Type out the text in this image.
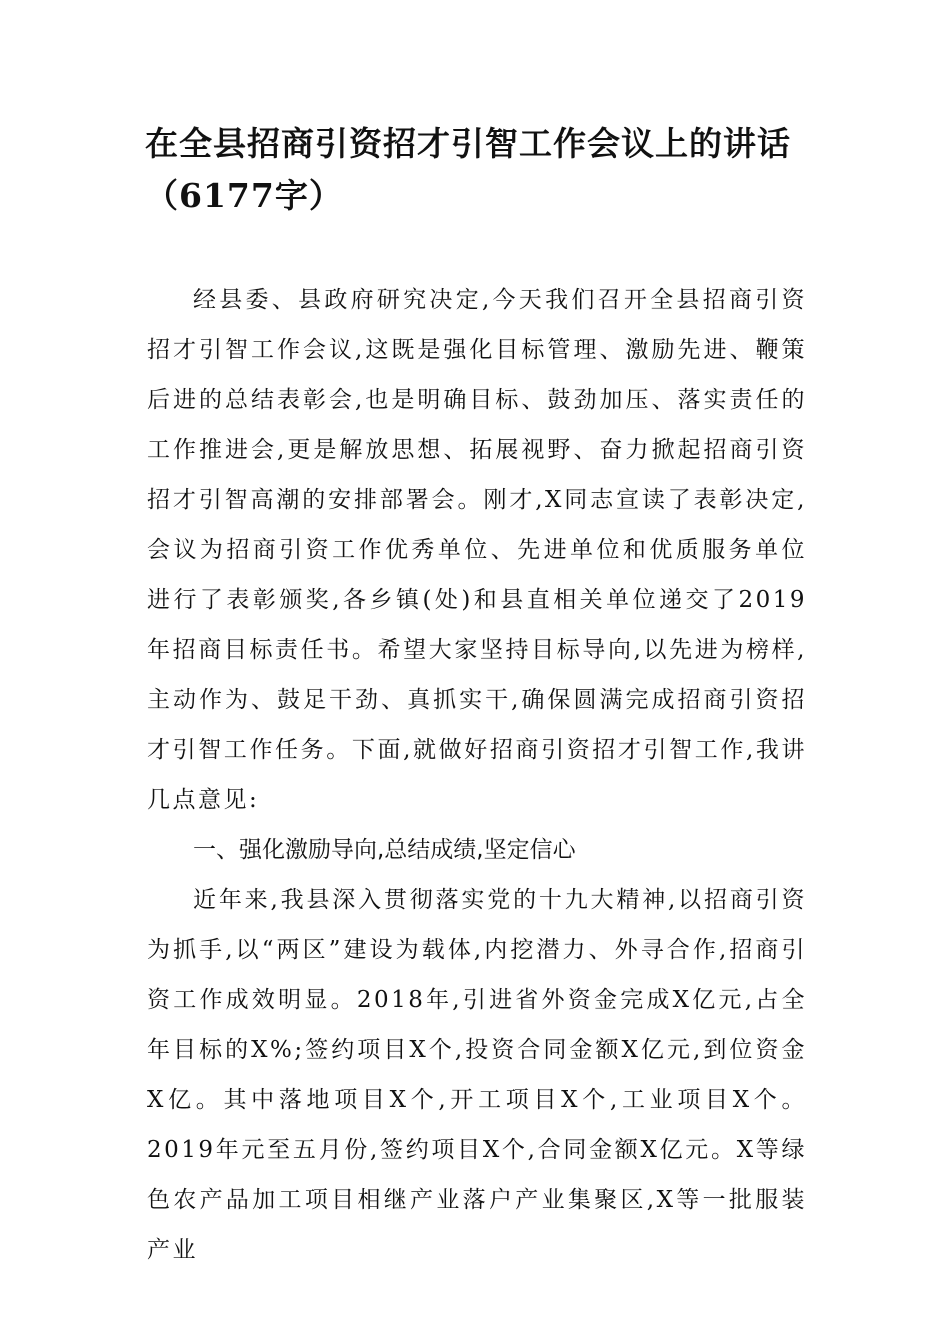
在全县招商引资招才引智工作会议上的讲话（6177字）

经县委、县政府研究决定,今天我们召开全县招商引资招才引智工作会议,这既是强化目标管理、激励先进、鞭策后进的总结表彰会,也是明确目标、鼓劲加压、落实责任的工作推进会,更是解放思想、拓展视野、奋力掀起招商引资招才引智高潮的安排部署会。刚才,X同志宣读了表彰决定,会议为招商引资工作优秀单位、先进单位和优质服务单位进行了表彰颁奖,各乡镇(处)和县直相关单位递交了2019年招商目标责任书。希望大家坚持目标导向,以先进为榜样,主动作为、鼓足干劲、真抓实干,确保圆满完成招商引资招才引智工作任务。下面,就做好招商引资招才引智工作,我讲几点意见:

一、强化激励导向,总结成绩,坚定信心

近年来,我县深入贯彻落实党的十九大精神,以招商引资为抓手,以“两区”建设为载体,内挖潜力、外寻合作,招商引资工作成效明显。2018年,引进省外资金完成X亿元,占全年目标的X%;签约项目X个,投资合同金额X亿元,到位资金X亿。其中落地项目X个,开工项目X个,工业项目X个。2019年元至五月份,签约项目X个,合同金额X亿元。X等绿色农产品加工项目相继产业落户产业集聚区,X等一批服装产业
